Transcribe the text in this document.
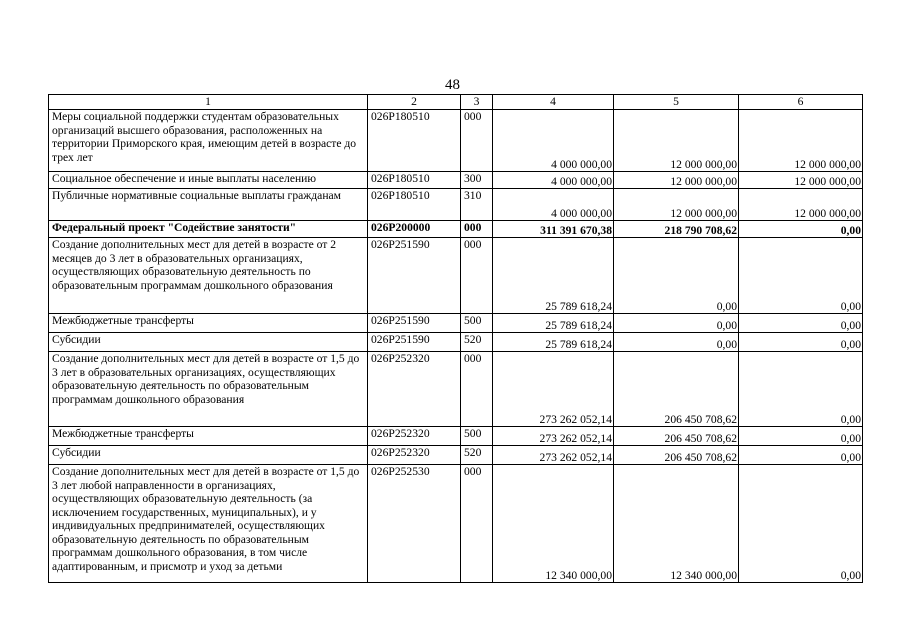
48
1	2	3	4	5	6
Меры социальной поддержки студентам образовательных организаций высшего образования, расположенных на территории Приморского края, имеющим детей в возрасте до трех лет	026Р180510	000	4 000 000,00	12 000 000,00	12 000 000,00
Социальное обеспечение и иные выплаты населению	026Р180510	300	4 000 000,00	12 000 000,00	12 000 000,00
Публичные нормативные социальные выплаты гражданам	026Р180510	310	4 000 000,00	12 000 000,00	12 000 000,00
Федеральный проект "Содействие занятости"	026Р200000	000	311 391 670,38	218 790 708,62	0,00
Создание дополнительных мест для детей в возрасте от 2 месяцев до 3 лет в образовательных организациях, осуществляющих образовательную деятельность по образовательным программам дошкольного образования	026Р251590	000	25 789 618,24	0,00	0,00
Межбюджетные трансферты	026Р251590	500	25 789 618,24	0,00	0,00
Субсидии	026Р251590	520	25 789 618,24	0,00	0,00
Создание дополнительных мест для детей в возрасте от 1,5 до 3 лет в образовательных организациях, осуществляющих образовательную деятельность по образовательным программам дошкольного образования	026Р252320	000	273 262 052,14	206 450 708,62	0,00
Межбюджетные трансферты	026Р252320	500	273 262 052,14	206 450 708,62	0,00
Субсидии	026Р252320	520	273 262 052,14	206 450 708,62	0,00
Создание дополнительных мест для детей в возрасте от 1,5 до 3 лет любой направленности в организациях, осуществляющих образовательную деятельность (за исключением государственных, муниципальных), и у индивидуальных предпринимателей, осуществляющих образовательную деятельность по образовательным программам дошкольного образования, в том числе адаптированным, и присмотр и уход за детьми	026Р252530	000	12 340 000,00	12 340 000,00	0,00
